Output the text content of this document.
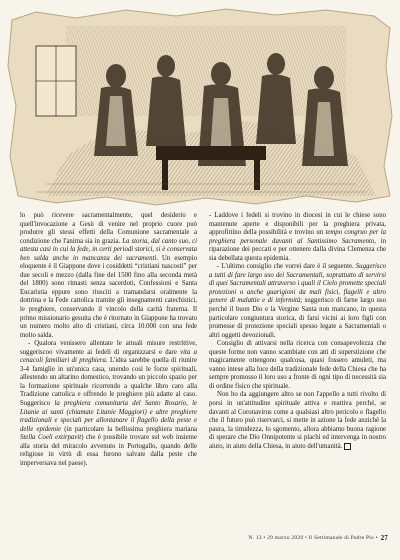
lo può ricevere sacramentalmente, quel desiderio e quell'invocazione a Gesù di venire nel proprio cuore può produrre gli stessi effetti della Comunione sacramentale a condizione che l'anima sia in grazia. La storia, dal canto suo, ci attesta casi in cui la fede, in certi periodi storici, si è conservata ben salda anche in mancanza dei sacramenti. Un esempio eloquente è il Giappone dove i cosiddetti “cristiani nascosti” per due secoli e mezzo (dalla fine del 1500 fino alla seconda metà del 1800) sono rimasti senza sacerdoti, Confessioni e Santa Eucaristia eppure sono riusciti a tramandarsi oralmente la dottrina e la Fede cattolica tramite gli insegnamenti catechistici, le preghiere, conservando il vincolo della carità fraterna. Il primo missionario gesuita che è ritornato in Giappone ha trovato un numero molto alto di cristiani, circa 10.000 con una fede molto salda.

- Qualora venissero allentate le attuali misure restrittive, suggeriscoo vivamente ai fedeli di organizzarsi e dare vita a cenacoli familiari di preghiera. L'idea sarebbe quella di riunire 3-4 famiglie in un'unica casa, unendo così le forze spirituali, allestendo un altarino domestico, trovando un piccolo spazio per la formazione spirituale ricorrendo a qualche libro caro alla Tradizione cattolica e offrendo le preghiere più adatte al caso. Suggerisco la preghiera comunitaria del Santo Rosario, le Litanie ai santi (chiamate Litanie Maggiori) e altre preghiere tradizionali e speciali per allontanare il flagello della peste e delle epidemie (in particolare la bellissima preghiera mariana Stella Coeli extirpavit) che è possibile trovare sul web insieme alla storia del miracolo avvenuto in Portogallo, quando delle religiose in virtù di essa furono salvate dalla peste che imperversava nel paese).

- Laddove i fedeli si trovino in diocesi in cui le chiese sono mantenute aperte e disponibili per la preghiera privata, approfittino della possibilità e trovino un tempo congruo per la preghiera personale davanti al Santissimo Sacramento, in riparazione dei peccati e per ottenere dalla divina Clemenza che sia debellata questa epidemia.

- L'ultimo consiglio che vorrei dare è il seguente. Suggerisco a tutti di fare largo uso dei Sacramentali, soprattutto di servirsi di quei Sacramentali attraverso i quali il Cielo promette speciali protezioni o anche guarigioni da mali fisici, flagelli e altro genere di malattie e di infermità; suggerisco di farne largo uso perché il buon Dio e la Vergine Santa non mancano, in questa particolare congiuntura storica, di farsi vicini ai loro figli con promesse di protezione speciali spesso legate a Sacramentali o altri oggetti devozionali.

Consiglio di attivarsi nella ricerca con consapevolezza che queste forme non vanno scambiate con atti di superstizione che magicamente ottengono qualcosa, quasi fossero amuleti, ma vanno intese alla luce della tradizionale fede della Chiesa che ha sempre promosso il loro uso a fronte di ogni tipo di necessità sia di ordine fisico che spirituale.

Non ho da aggiungere altro se non l'appello a tutti rivolto di porsi in un'attitudine spirituale attiva e reattiva perché, se davanti al Coronavirus come a qualsiasi altro pericolo e flagello che il futuro può riservarci, si mette in azione la fede anziché la paura, la timidezza, lo sgomento, allora abbiamo buona ragione di sperare che Dio Onnipotente si plachi ed intervenga in nostro aiuto, in aiuto della Chiesa, in aiuto dell'umanità.

N. 13 • 29 marzo 2020 • Il Settimanale di Padre Pio • 27
